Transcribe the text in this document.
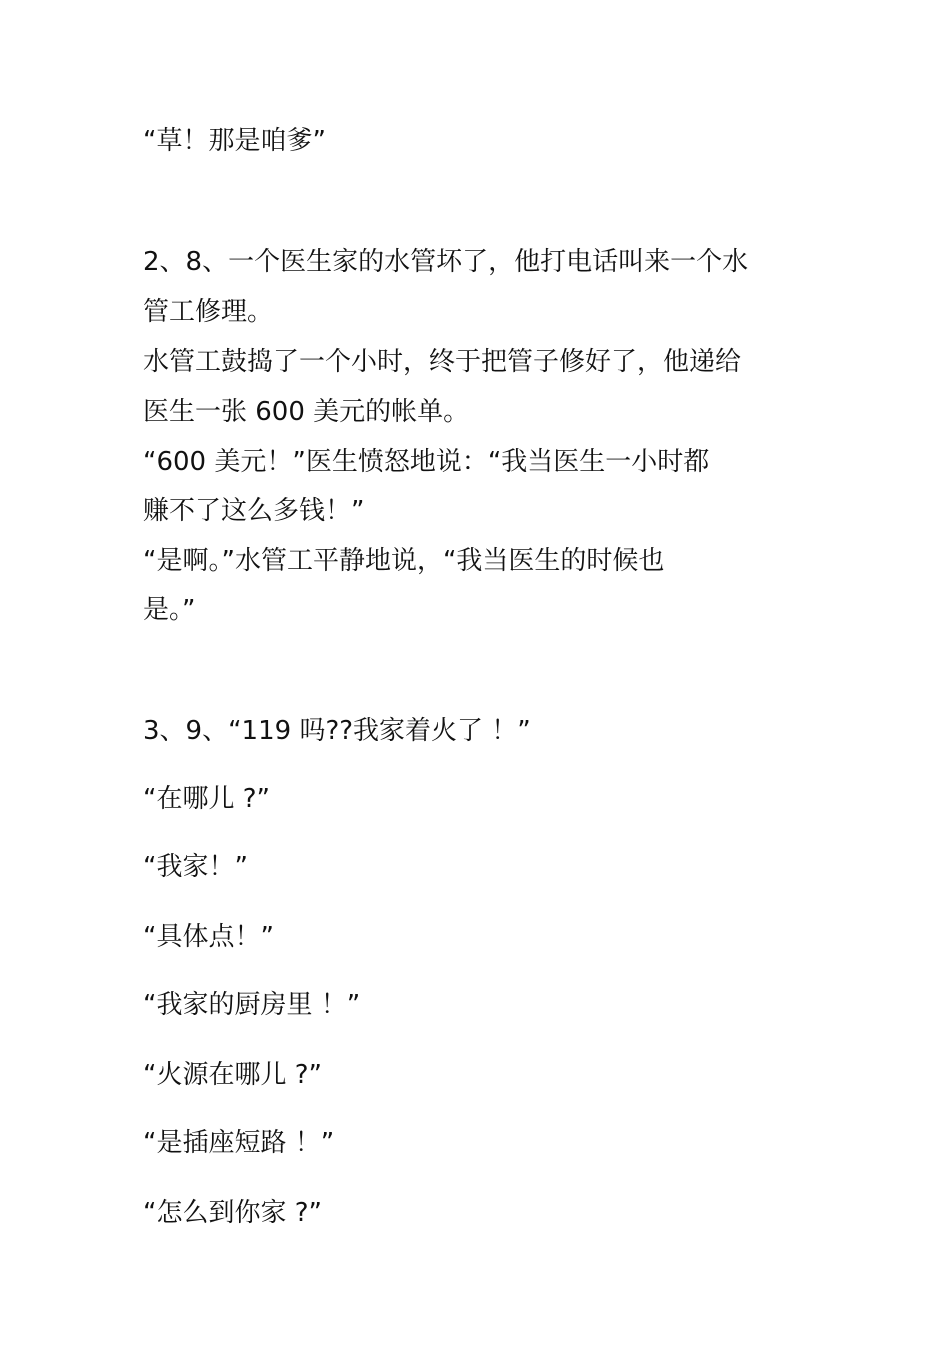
“草！那是咱爹”
2、8、一个医生家的水管坏了，他打电话叫来一个水
管工修理。
水管工鼓捣了一个小时，终于把管子修好了，他递给
医生一张 600 美元的帐单。
“600 美元！”医生愤怒地说：“我当医生一小时都
赚不了这么多钱！”
“是啊。”水管工平静地说，“我当医生的时候也
是。”
3、9、“119 吗??我家着火了 ！”
“在哪儿 ?”
“我家！”
“具体点！”
“我家的厨房里 ！”
“火源在哪儿 ?”
“是插座短路 ！”
“怎么到你家 ?”
